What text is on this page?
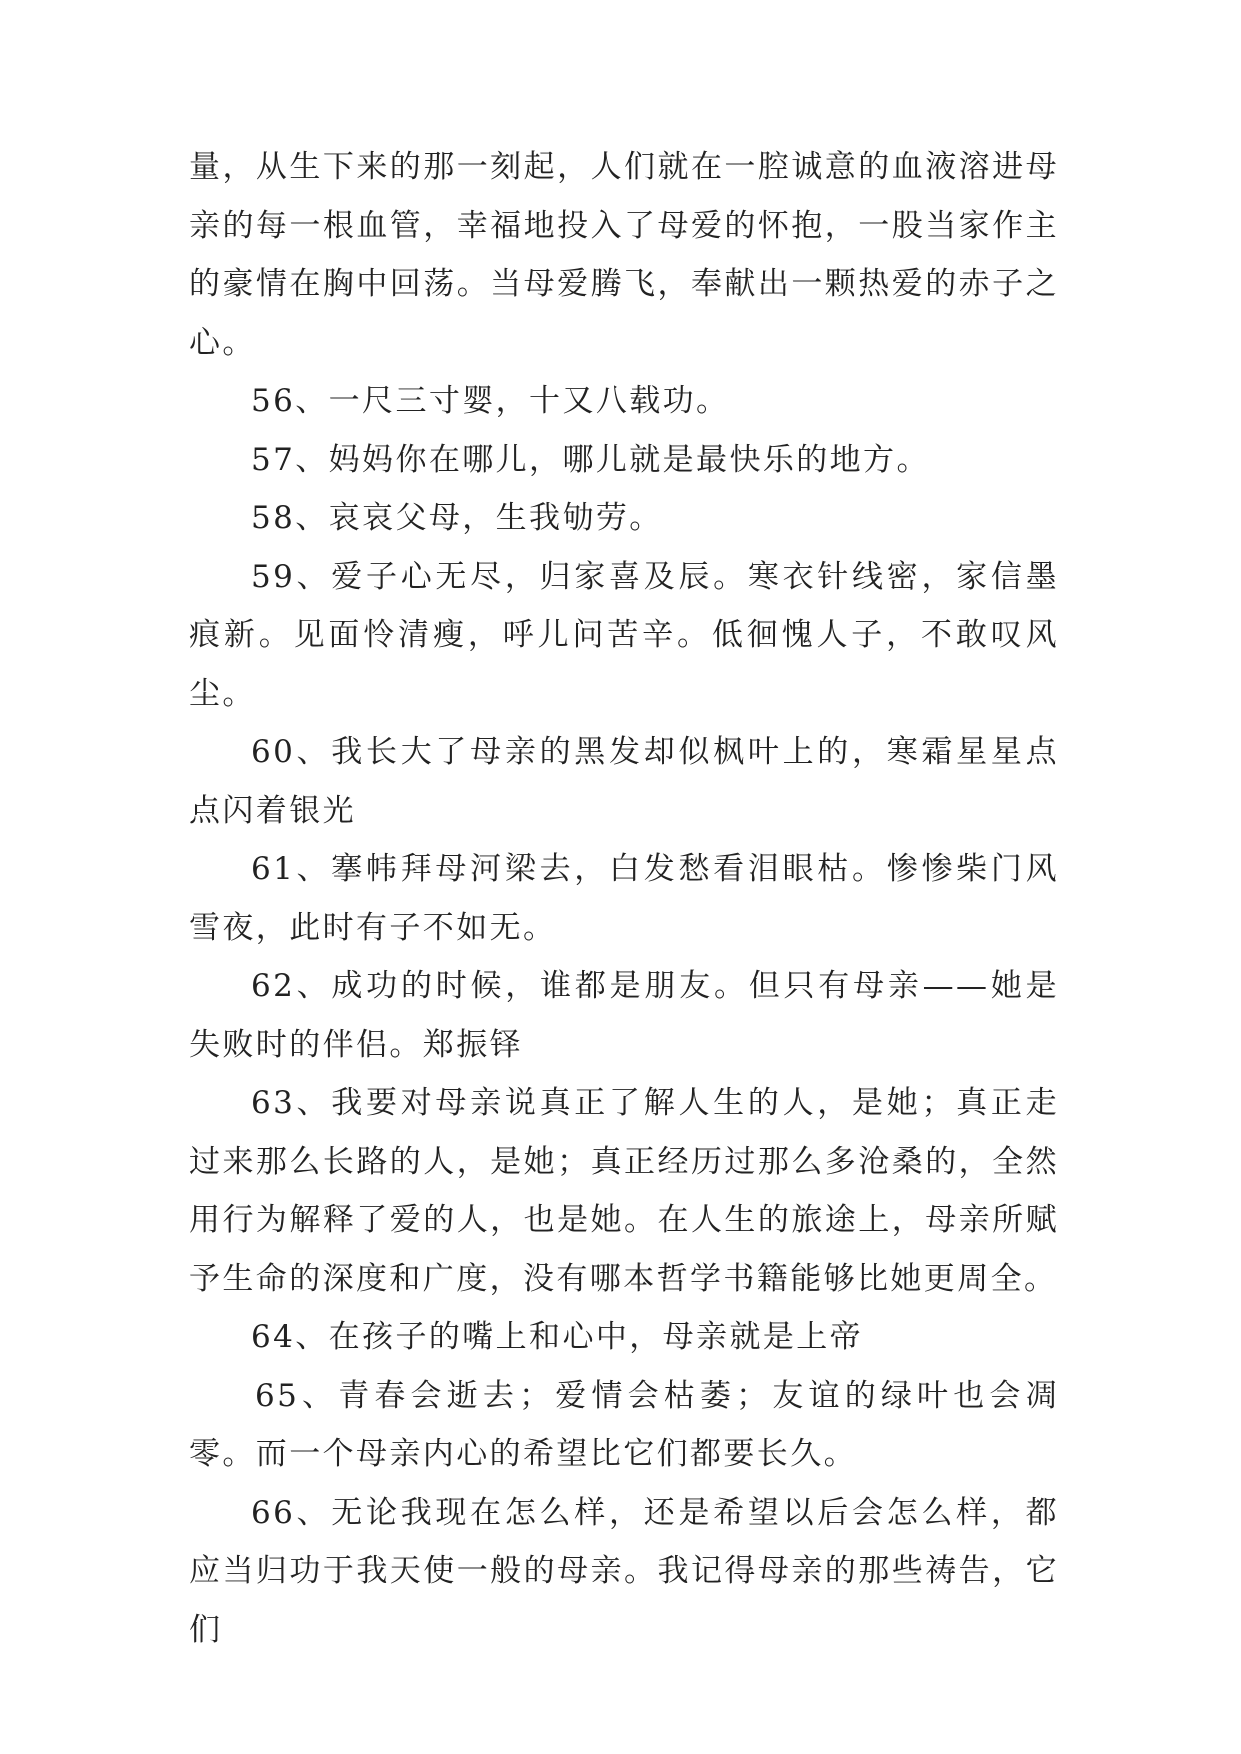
量，从生下来的那一刻起，人们就在一腔诚意的血液溶进母亲的每一根血管，幸福地投入了母爱的怀抱，一股当家作主的豪情在胸中回荡。当母爱腾飞，奉献出一颗热爱的赤子之心。

56、一尺三寸婴，十又八载功。

57、妈妈你在哪儿，哪儿就是最快乐的地方。

58、哀哀父母，生我劬劳。

59、爱子心无尽，归家喜及辰。寒衣针线密，家信墨痕新。见面怜清瘦，呼儿问苦辛。低徊愧人子，不敢叹风尘。

60、我长大了母亲的黑发却似枫叶上的，寒霜星星点点闪着银光

61、搴帏拜母河梁去，白发愁看泪眼枯。惨惨柴门风雪夜，此时有子不如无。

62、成功的时候，谁都是朋友。但只有母亲——她是失败时的伴侣。郑振铎

63、我要对母亲说真正了解人生的人，是她；真正走过来那么长路的人，是她；真正经历过那么多沧桑的，全然用行为解释了爱的人，也是她。在人生的旅途上，母亲所赋予生命的深度和广度，没有哪本哲学书籍能够比她更周全。

64、在孩子的嘴上和心中，母亲就是上帝

65、青春会逝去；爱情会枯萎；友谊的绿叶也会凋零。而一个母亲内心的希望比它们都要长久。

66、无论我现在怎么样，还是希望以后会怎么样，都应当归功于我天使一般的母亲。我记得母亲的那些祷告，它们
